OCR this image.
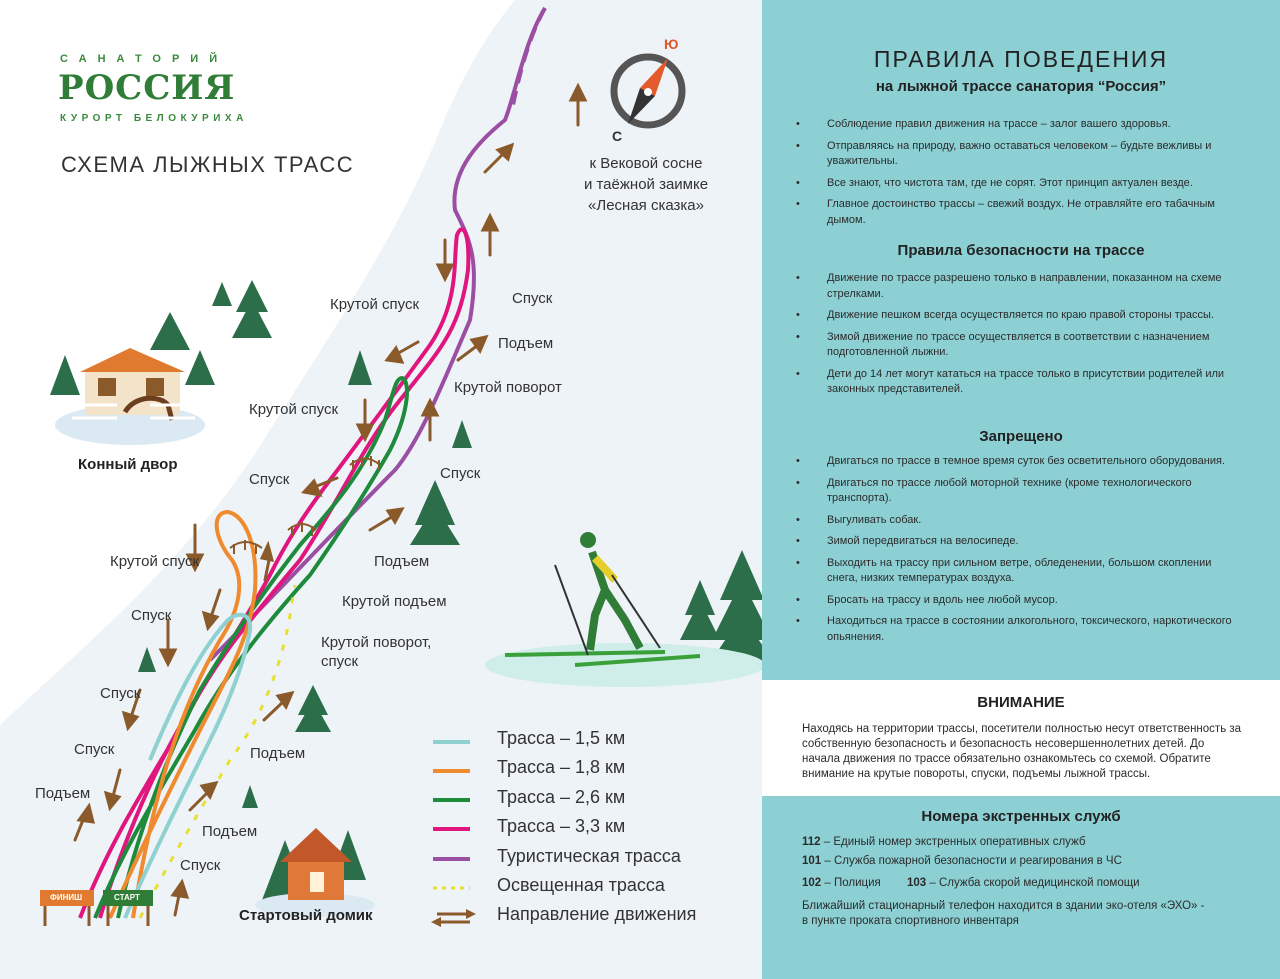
САНАТОРИЙ
РОССИЯ
КУРОРТ БЕЛОКУРИХА
СХЕМА ЛЫЖНЫХ ТРАСС
Ю
С
к Вековой сосне
и таёжной заимке
«Лесная сказка»
Конный двор
Стартовый домик
ФИНИШ	СТАРТ
Крутой спуск	Спуск
Подъем
Крутой поворот
Крутой спуск
Спуск
Спуск
Подъем
Крутой спуск
Крутой подъем
Крутой поворот,
спуск
Спуск
Спуск
Подъем
Спуск
Подъем
Подъем
Спуск
Трасса – 1,5 км
Трасса – 1,8 км
Трасса – 2,6 км
Трасса – 3,3 км
Туристическая трасса
Освещенная трасса
Направление движения
ПРАВИЛА ПОВЕДЕНИЯ
на лыжной трассе санатория “Россия”
• Соблюдение правил движения на трассе – залог вашего здоровья.
• Отправляясь на природу, важно оставаться человеком – будьте вежливы и уважительны.
• Все знают, что чистота там, где не сорят. Этот принцип актуален везде.
• Главное достоинство трассы – свежий воздух. Не отравляйте его табачным дымом.
Правила безопасности на трассе
• Движение по трассе разрешено только в направлении, показанном на схеме стрелками.
• Движение пешком всегда осуществляется по краю правой стороны трассы.
• Зимой движение по трассе осуществляется в соответствии с назначением подготовленной лыжни.
• Дети до 14 лет могут кататься на трассе только в присутствии родителей или законных представителей.
Запрещено
• Двигаться по трассе в темное время суток без осветительного оборудования.
• Двигаться по трассе любой моторной технике (кроме технологического транспорта).
• Выгуливать собак.
• Зимой передвигаться на велосипеде.
• Выходить на трассу при сильном ветре, обледенении, большом скоплении снега, низких температурах воздуха.
• Бросать на трассу и вдоль нее любой мусор.
• Находиться на трассе в состоянии алкогольного, токсического, наркотического опьянения.
ВНИМАНИЕ
Находясь на территории трассы, посетители полностью несут ответственность за собственную безопасность и безопасность несовершеннолетних детей. До начала движения по трассе обязательно ознакомьтесь со схемой. Обратите внимание на крутые повороты, спуски, подъемы лыжной трассы.
Номера экстренных служб
112 – Единый номер экстренных оперативных служб
101 – Служба пожарной безопасности и реагирования в ЧС
102 – Полиция 103 – Служба скорой медицинской помощи
Ближайший стационарный телефон находится в здании эко-отеля «ЭХО» -
в пункте проката спортивного инвентаря
